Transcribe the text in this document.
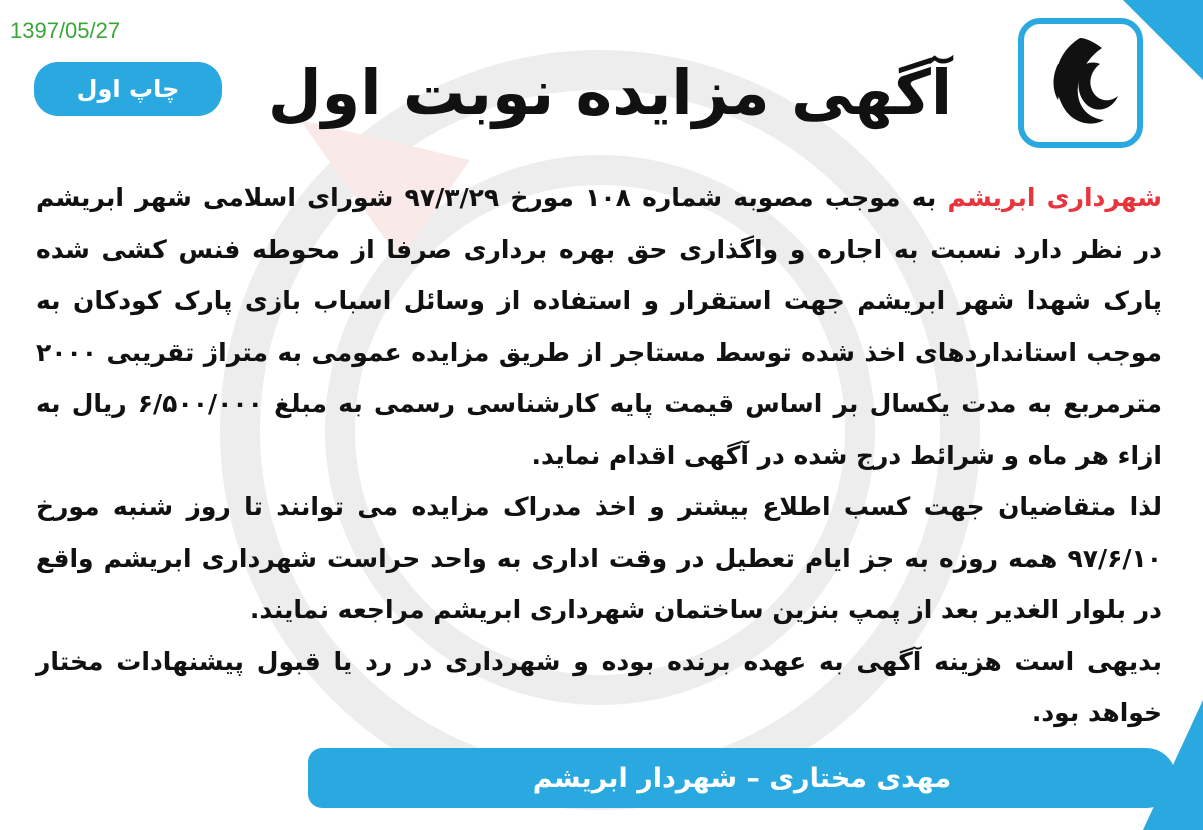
1397/05/27
چاپ اول	آگهی مزایده نوبت اول

شهرداری ابریشم به موجب مصوبه شماره ۱۰۸ مورخ ۹۷/۳/۲۹ شورای اسلامی شهر ابریشم در نظر دارد نسبت به اجاره و واگذاری حق بهره برداری صرفا از محوطه فنس کشی شده پارک شهدا شهر ابریشم جهت استقرار و استفاده از وسائل اسباب بازی پارک کودکان به موجب استانداردهای اخذ شده توسط مستاجر از طریق مزایده عمومی به متراژ تقریبی ۲۰۰۰ مترمربع به مدت یکسال بر اساس قیمت پایه کارشناسی رسمی به مبلغ ۶/۵۰۰/۰۰۰ ریال به ازاء هر ماه و شرائط درج شده در آگهی اقدام نماید.

لذا متقاضیان جهت کسب اطلاع بیشتر و اخذ مدراک مزایده می توانند تا روز شنبه مورخ ۹۷/۶/۱۰ همه روزه به جز ایام تعطیل در وقت اداری به واحد حراست شهرداری ابریشم واقع در بلوار الغدیر بعد از پمپ بنزین ساختمان شهرداری ابریشم مراجعه نمایند.

بدیهی است هزینه آگهی به عهده برنده بوده و شهرداری در رد یا قبول پیشنهادات مختار خواهد بود.

مهدی مختاری – شهردار ابریشم
